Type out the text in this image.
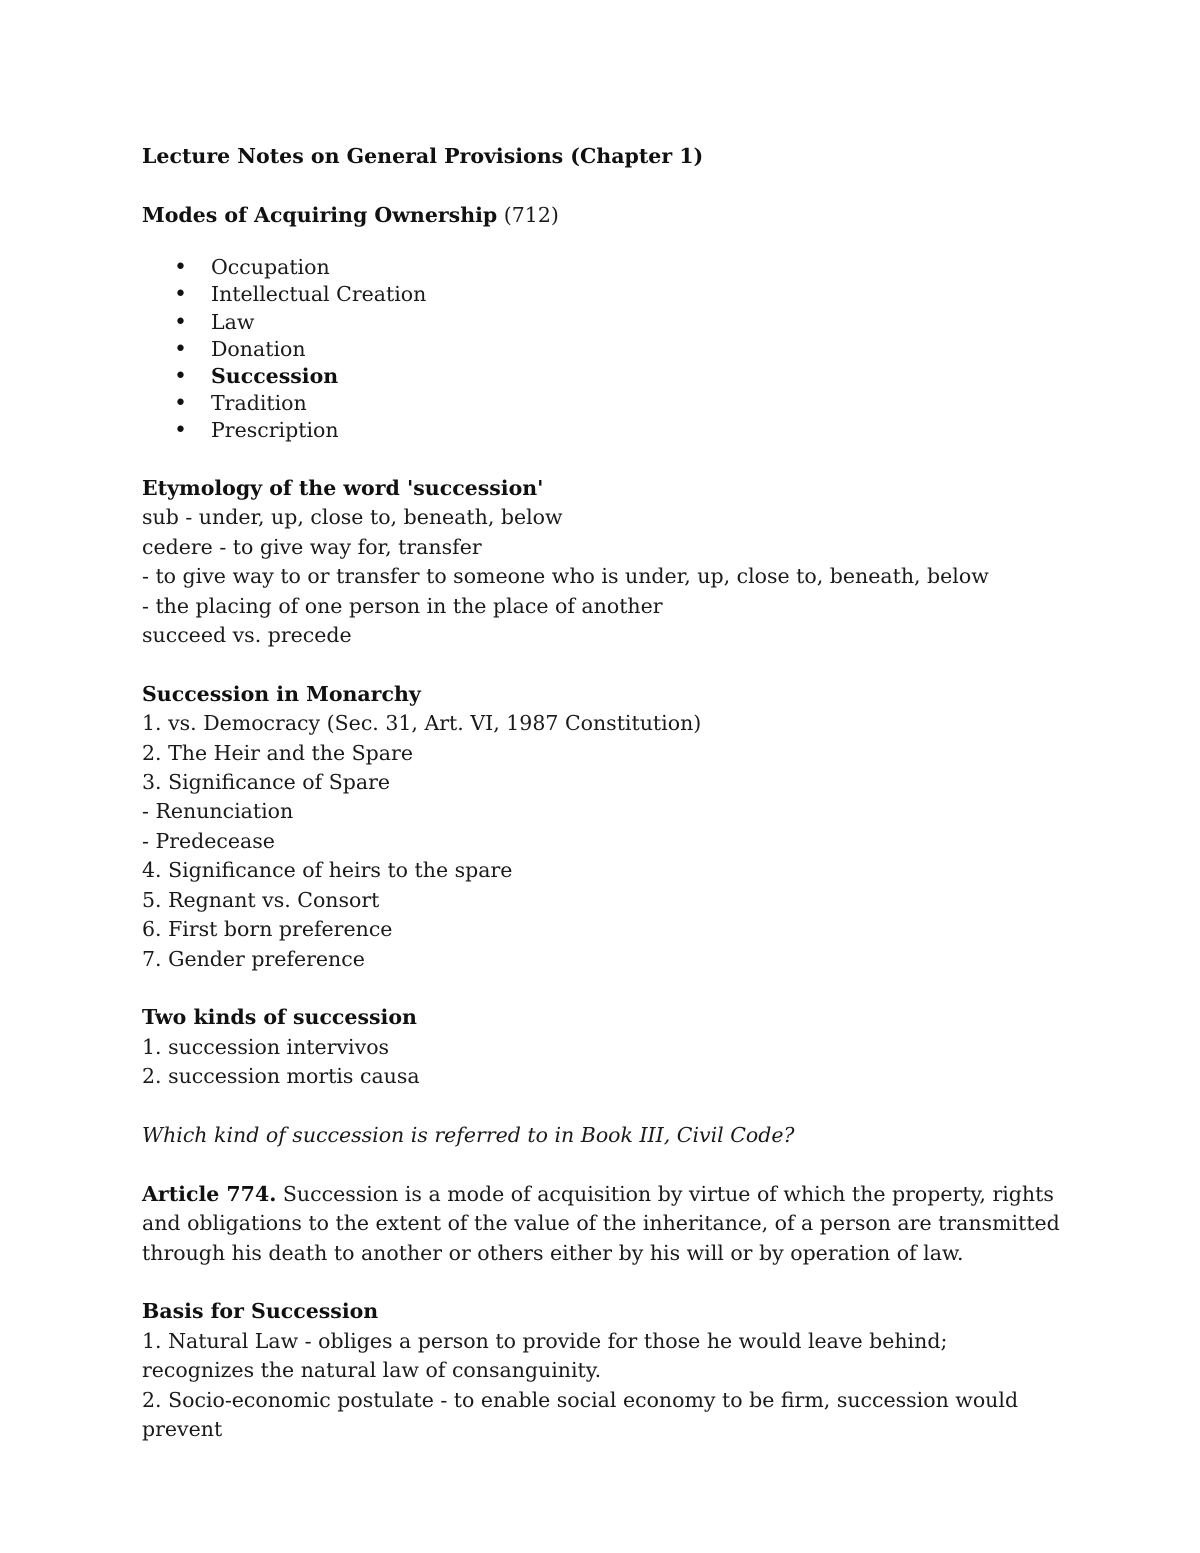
Lecture Notes on General Provisions (Chapter 1)

Modes of Acquiring Ownership (712)

• Occupation
• Intellectual Creation
• Law
• Donation
• Succession
• Tradition
• Prescription

Etymology of the word 'succession'

sub - under, up, close to, beneath, below

cedere - to give way for, transfer

- to give way to or transfer to someone who is under, up, close to, beneath, below

- the placing of one person in the place of another

succeed vs. precede

Succession in Monarchy

1. vs. Democracy (Sec. 31, Art. VI, 1987 Constitution)

2. The Heir and the Spare

3. Significance of Spare

- Renunciation

- Predecease

4. Significance of heirs to the spare

5. Regnant vs. Consort

6. First born preference

7. Gender preference

Two kinds of succession

1. succession intervivos

2. succession mortis causa

Which kind of succession is referred to in Book III, Civil Code?

Article 774. Succession is a mode of acquisition by virtue of which the property, rights and obligations to the extent of the value of the inheritance, of a person are transmitted through his death to another or others either by his will or by operation of law.

Basis for Succession

1. Natural Law - obliges a person to provide for those he would leave behind; recognizes the natural law of consanguinity.

2. Socio-economic postulate - to enable social economy to be firm, succession would prevent
